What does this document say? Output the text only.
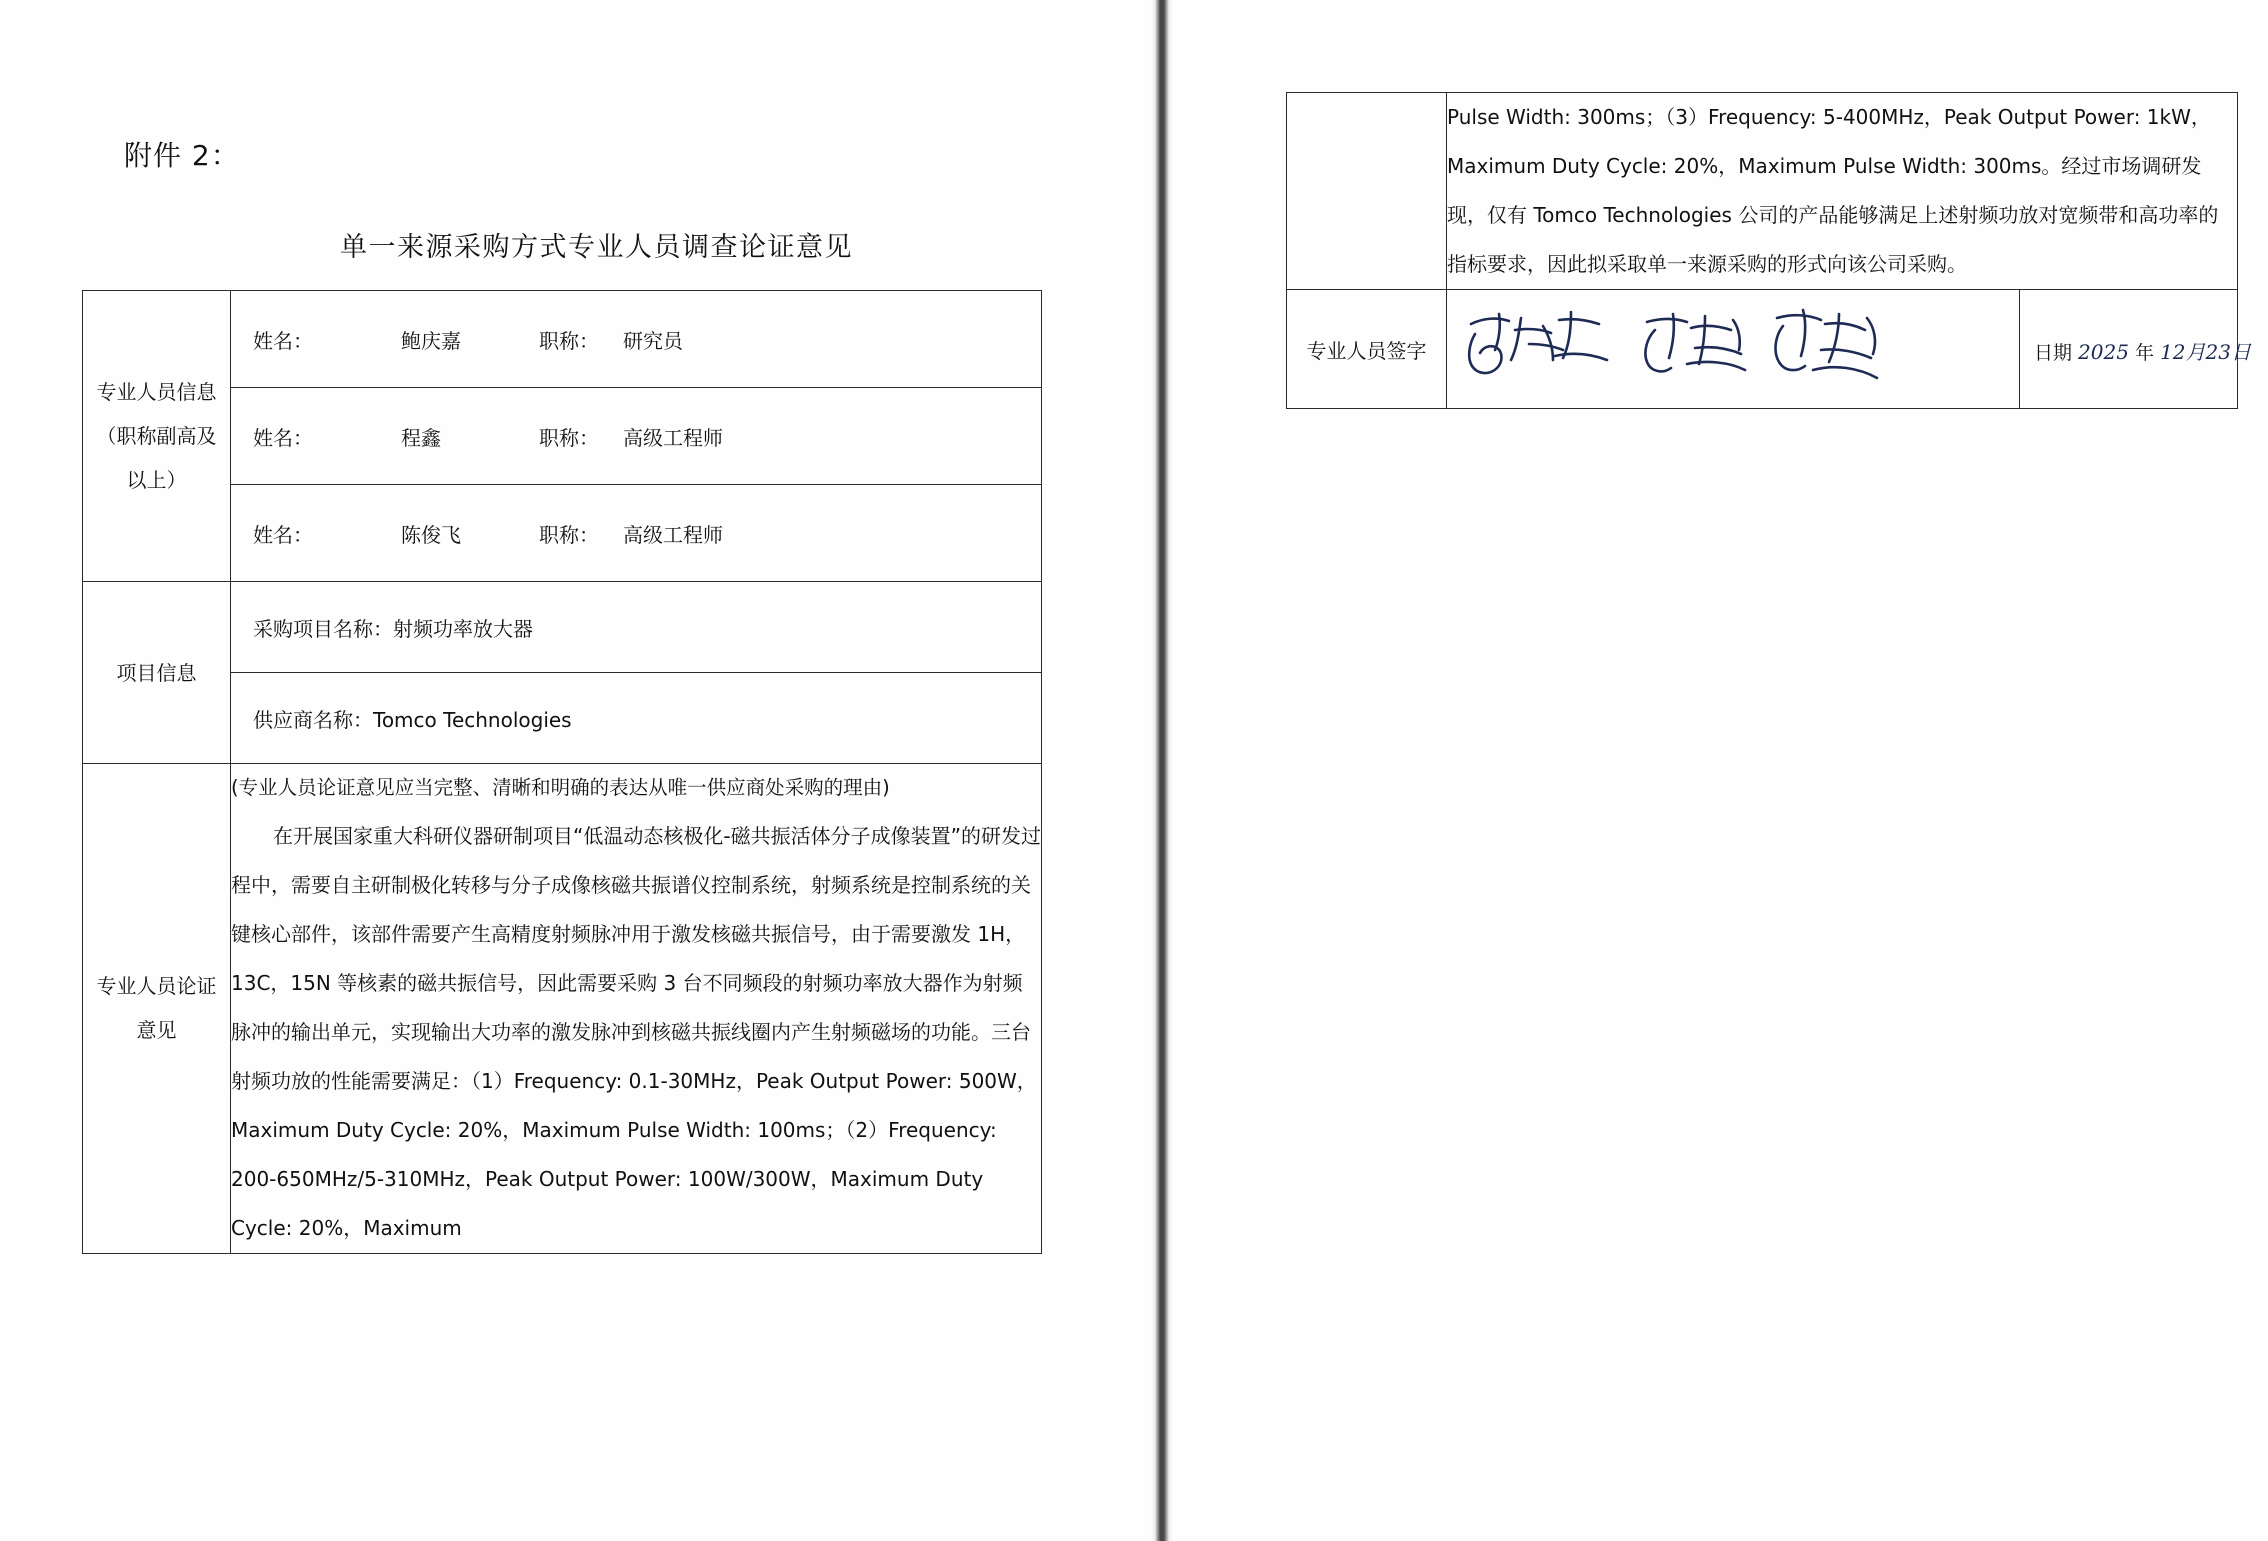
附件 2：
单一来源采购方式专业人员调查论证意见
专业人员信息
（职称副高及
以上）

姓名：	鲍庆嘉	职称：	研究员

	姓名： 程鑫 职称： 高级工程师

	姓名： 陈俊飞 职称： 高级工程师

项目信息	采购项目名称：射频功率放大器

	供应商名称：Tomco Technologies

专业人员论证
意见

(专业人员论证意见应当完整、清晰和明确的表达从唯一供应商处采购的理由)
在开展国家重大科研仪器研制项目“低温动态核极化-磁共振活体分子成像装置”的研发过程中，需要自主研制极化转移与分子成像核磁共振谱仪控制系统，射频系统是控制系统的关键核心部件，该部件需要产生高精度射频脉冲用于激发核磁共振信号，由于需要激发 1H，13C，15N 等核素的磁共振信号，因此需要采购 3 台不同频段的射频功率放大器作为射频脉冲的输出单元，实现输出大功率的激发脉冲到核磁共振线圈内产生射频磁场的功能。三台射频功放的性能需要满足：（1）Frequency: 0.1-30MHz，Peak Output Power: 500W，Maximum Duty Cycle: 20%，Maximum Pulse Width: 100ms；（2）Frequency: 200-650MHz/5-310MHz，Peak Output Power: 100W/300W，Maximum Duty Cycle: 20%，Maximum
	Pulse Width: 300ms；（3）Frequency: 5-400MHz，Peak Output Power: 1kW，Maximum Duty Cycle: 20%，Maximum Pulse Width: 300ms。经过市场调研发现，仅有 Tomco Technologies 公司的产品能够满足上述射频功放对宽频带和高功率的指标要求，因此拟采取单一来源采购的形式向该公司采购。	
专业人员签字		日期 2025 年 12月23日
